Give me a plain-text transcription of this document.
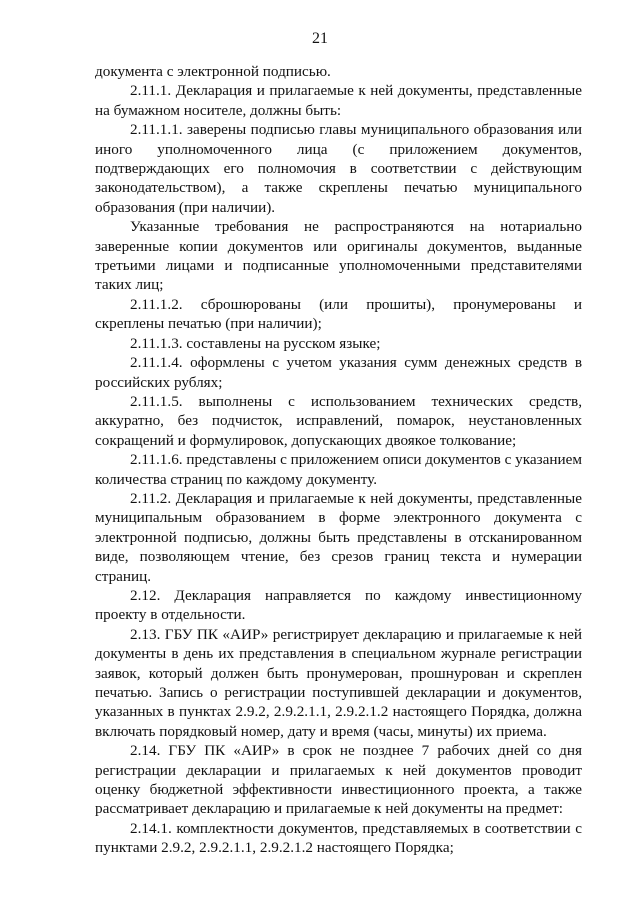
21

документа с электронной подписью.

2.11.1. Декларация и прилагаемые к ней документы, представленные на бумажном носителе, должны быть:

2.11.1.1. заверены подписью главы муниципального образования или иного уполномоченного лица (с приложением документов, подтверждающих его полномочия в соответствии с действующим законодательством), а также скреплены печатью муниципального образования (при наличии).

Указанные требования не распространяются на нотариально заверенные копии документов или оригиналы документов, выданные третьими лицами и подписанные уполномоченными представителями таких лиц;

2.11.1.2. сброшюрованы (или прошиты), пронумерованы и скреплены печатью (при наличии);

2.11.1.3. составлены на русском языке;

2.11.1.4. оформлены с учетом указания сумм денежных средств в российских рублях;

2.11.1.5. выполнены с использованием технических средств, аккуратно, без подчисток, исправлений, помарок, неустановленных сокращений и формулировок, допускающих двоякое толкование;

2.11.1.6. представлены с приложением описи документов с указанием количества страниц по каждому документу.

2.11.2. Декларация и прилагаемые к ней документы, представленные муниципальным образованием в форме электронного документа с электронной подписью, должны быть представлены в отсканированном виде, позволяющем чтение, без срезов границ текста и нумерации страниц.

2.12. Декларация направляется по каждому инвестиционному проекту в отдельности.

2.13. ГБУ ПК «АИР» регистрирует декларацию и прилагаемые к ней документы в день их представления в специальном журнале регистрации заявок, который должен быть пронумерован, прошнурован и скреплен печатью. Запись о регистрации поступившей декларации и документов, указанных в пунктах 2.9.2, 2.9.2.1.1, 2.9.2.1.2 настоящего Порядка, должна включать порядковый номер, дату и время (часы, минуты) их приема.

2.14. ГБУ ПК «АИР» в срок не позднее 7 рабочих дней со дня регистрации декларации и прилагаемых к ней документов проводит оценку бюджетной эффективности инвестиционного проекта, а также рассматривает декларацию и прилагаемые к ней документы на предмет:

2.14.1. комплектности документов, представляемых в соответствии с пунктами 2.9.2, 2.9.2.1.1, 2.9.2.1.2 настоящего Порядка;
